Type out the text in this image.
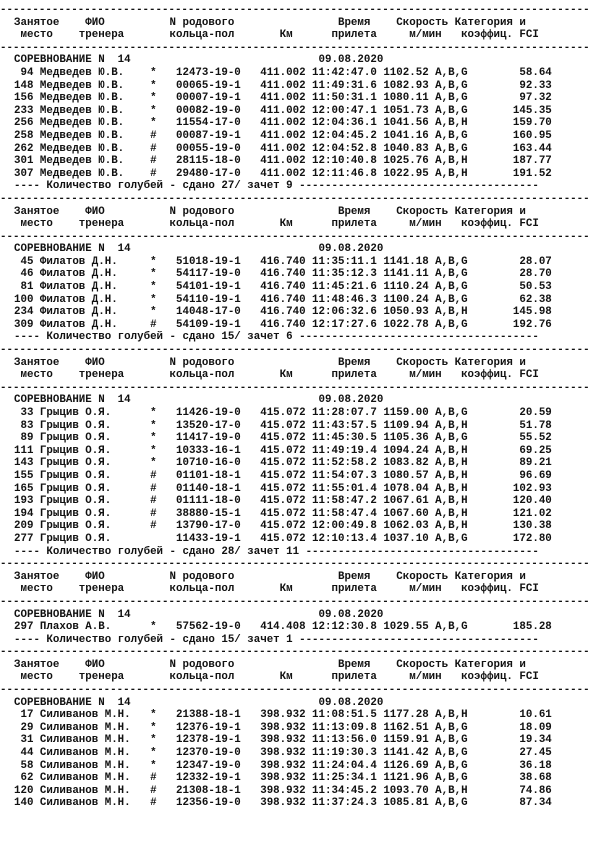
-------------------------------------------------------------------------------------------
Занятое    ФИО          N родового                Время    Скорость Категория и
место    тренера       кольца-пол       Км      прилета     м/мин   коэффиц. FCI
-------------------------------------------------------------------------------------------
СОРЕВНОВАНИЕ N  14	09.08.2020
94 Медведев Ю.В.    *   12473-19-0   411.002 11:42:47.0 1102.52 A,B,G        58.64
148 Медведев Ю.В.    *   00065-19-1   411.002 11:49:31.6 1082.93 A,B,G        92.33
156 Медведев Ю.В.    *   00007-19-1   411.002 11:50:31.1 1080.11 A,B,G        97.32
233 Медведев Ю.В.    *   00082-19-0   411.002 12:00:47.1 1051.73 A,B,G       145.35
256 Медведев Ю.В.    *   11554-17-0   411.002 12:04:36.1 1041.56 A,B,H       159.70
258 Медведев Ю.В.    #   00087-19-1   411.002 12:04:45.2 1041.16 A,B,G       160.95
262 Медведев Ю.В.    #   00055-19-0   411.002 12:04:52.8 1040.83 A,B,G       163.44
301 Медведев Ю.В.    #   28115-18-0   411.002 12:10:40.8 1025.76 A,B,H       187.77
307 Медведев Ю.В.    #   29480-17-0   411.002 12:11:46.8 1022.95 A,B,H       191.52
---- Количество голубей - сдано 27/ зачет 9 -------------------------------------
-------------------------------------------------------------------------------------------
Занятое    ФИО          N родового                Время    Скорость Категория и
место    тренера       кольца-пол       Км      прилета     м/мин   коэффиц. FCI
-------------------------------------------------------------------------------------------
СОРЕВНОВАНИЕ N  14	09.08.2020
45 Филатов Д.Н.     *   51018-19-1   416.740 11:35:11.1 1141.18 A,B,G        28.07
46 Филатов Д.Н.     *   54117-19-0   416.740 11:35:12.3 1141.11 A,B,G        28.70
81 Филатов Д.Н.     *   54101-19-1   416.740 11:45:21.6 1110.24 A,B,G        50.53
100 Филатов Д.Н.     *   54110-19-1   416.740 11:48:46.3 1100.24 A,B,G        62.38
234 Филатов Д.Н.     *   14048-17-0   416.740 12:06:32.6 1050.93 A,B,H       145.98
309 Филатов Д.Н.     #   54109-19-1   416.740 12:17:27.6 1022.78 A,B,G       192.76
---- Количество голубей - сдано 15/ зачет 6 -------------------------------------
-------------------------------------------------------------------------------------------
Занятое    ФИО          N родового                Время    Скорость Категория и
место    тренера       кольца-пол       Км      прилета     м/мин   коэффиц. FCI
-------------------------------------------------------------------------------------------
СОРЕВНОВАНИЕ N  14	09.08.2020
33 Грыцив О.Я.      *   11426-19-0   415.072 11:28:07.7 1159.00 A,B,G        20.59
83 Грыцив О.Я.      *   13520-17-0   415.072 11:43:57.5 1109.94 A,B,H        51.78
89 Грыцив О.Я.      *   11417-19-0   415.072 11:45:30.5 1105.36 A,B,G        55.52
111 Грыцив О.Я.      *   10333-16-1   415.072 11:49:19.4 1094.24 A,B,H        69.25
143 Грыцив О.Я.      *   10710-16-0   415.072 11:52:58.2 1083.82 A,B,H        89.21
155 Грыцив О.Я.      #   01101-18-1   415.072 11:54:07.3 1080.57 A,B,H        96.69
165 Грыцив О.Я.      #   01140-18-1   415.072 11:55:01.4 1078.04 A,B,H       102.93
193 Грыцив О.Я.      #   01111-18-0   415.072 11:58:47.2 1067.61 A,B,H       120.40
194 Грыцив О.Я.      #   38880-15-1   415.072 11:58:47.4 1067.60 A,B,H       121.02
209 Грыцив О.Я.      #   13790-17-0   415.072 12:00:49.8 1062.03 A,B,H       130.38
277 Грыцив О.Я.          11433-19-1   415.072 12:10:13.4 1037.10 A,B,G       172.80
---- Количество голубей - сдано 28/ зачет 11 ------------------------------------
-------------------------------------------------------------------------------------------
Занятое    ФИО          N родового                Время    Скорость Категория и
место    тренера       кольца-пол       Км      прилета     м/мин   коэффиц. FCI
-------------------------------------------------------------------------------------------
СОРЕВНОВАНИЕ N  14	09.08.2020
297 Плахов А.В.      *   57562-19-0   414.408 12:12:30.8 1029.55 A,B,G       185.28
---- Количество голубей - сдано 15/ зачет 1 -------------------------------------
-------------------------------------------------------------------------------------------
Занятое    ФИО          N родового                Время    Скорость Категория и
место    тренера       кольца-пол       Км      прилета     м/мин   коэффиц. FCI
-------------------------------------------------------------------------------------------
СОРЕВНОВАНИЕ N  14	09.08.2020
17 Силиванов М.Н.   *   21388-18-1   398.932 11:08:51.5 1177.28 A,B,H        10.61
29 Силиванов М.Н.   *   12376-19-1   398.932 11:13:09.8 1162.51 A,B,G        18.09
31 Силиванов М.Н.   *   12378-19-1   398.932 11:13:56.0 1159.91 A,B,G        19.34
44 Силиванов М.Н.   *   12370-19-0   398.932 11:19:30.3 1141.42 A,B,G        27.45
58 Силиванов М.Н.   *   12347-19-0   398.932 11:24:04.4 1126.69 A,B,G        36.18
62 Силиванов М.Н.   #   12332-19-1   398.932 11:25:34.1 1121.96 A,B,G        38.68
120 Силиванов М.Н.   #   21308-18-1   398.932 11:34:45.2 1093.70 A,B,H        74.86
140 Силиванов М.Н.   #   12356-19-0   398.932 11:37:24.3 1085.81 A,B,G        87.34
